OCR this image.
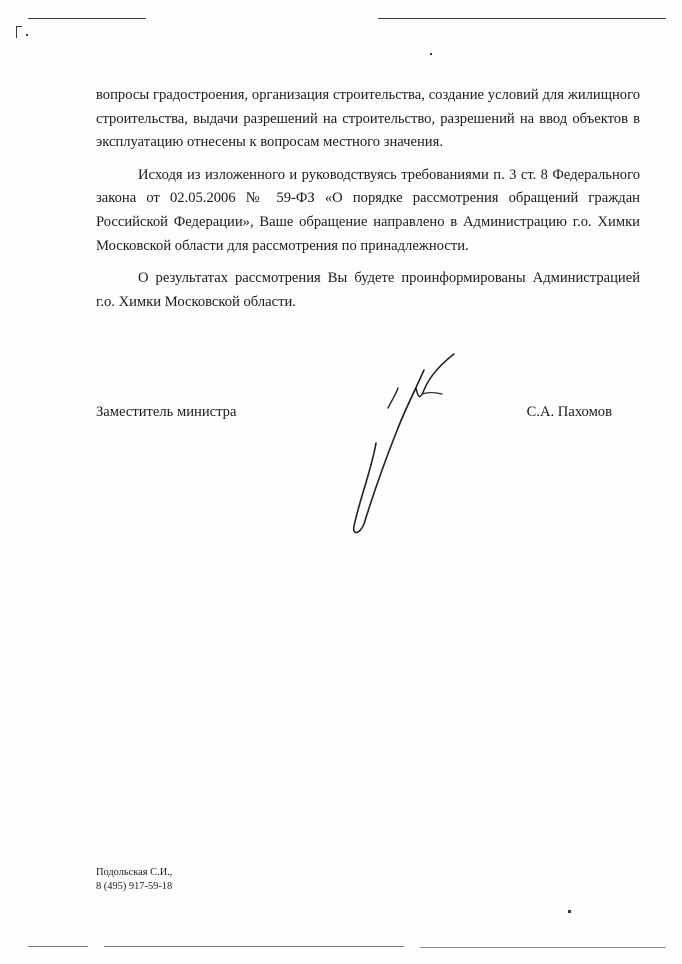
вопросы градостроения, организация строительства, создание условий для жилищного строительства, выдачи разрешений на строительство, разрешений на ввод объектов в эксплуатацию отнесены к вопросам местного значения.

Исходя из изложенного и руководствуясь требованиями п. 3 ст. 8 Федерального закона от 02.05.2006 № 59-ФЗ «О порядке рассмотрения обращений граждан Российской Федерации», Ваше обращение направлено в Администрацию г.о. Химки Московской области для рассмотрения по принадлежности.

О результатах рассмотрения Вы будете проинформированы Администрацией г.о. Химки Московской области.

Заместитель министра	С.А. Пахомов
Подольская С.И.,
8 (495) 917-59-18
